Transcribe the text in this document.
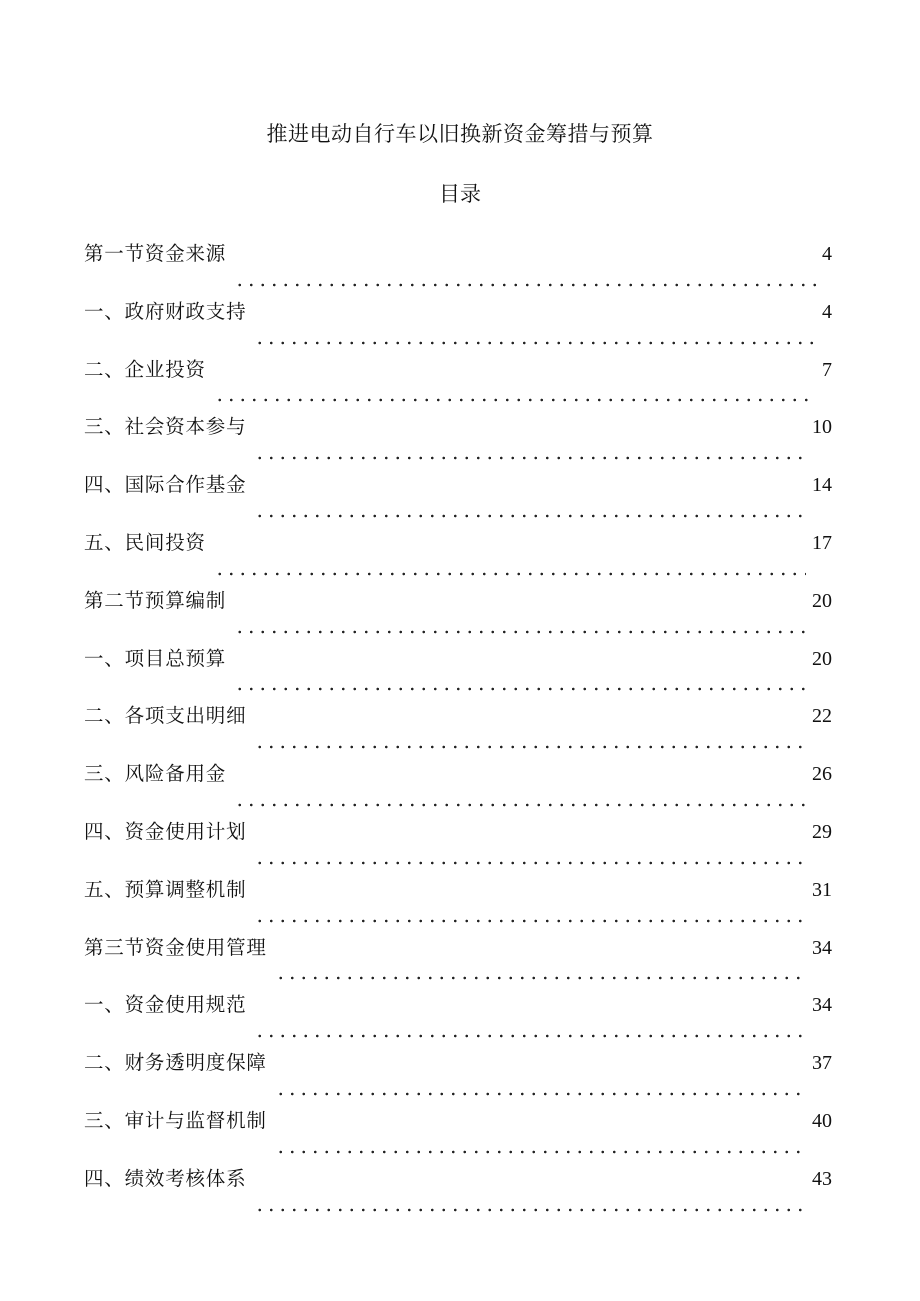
推进电动自行车以旧换新资金筹措与预算
目录
第一节资金来源	4
一、政府财政支持	4
二、企业投资	7
三、社会资本参与	10
四、国际合作基金	14
五、民间投资	17
第二节预算编制	20
一、项目总预算	20
二、各项支出明细	22
三、风险备用金	26
四、资金使用计划	29
五、预算调整机制	31
第三节资金使用管理	34
一、资金使用规范	34
二、财务透明度保障	37
三、审计与监督机制	40
四、绩效考核体系	43
